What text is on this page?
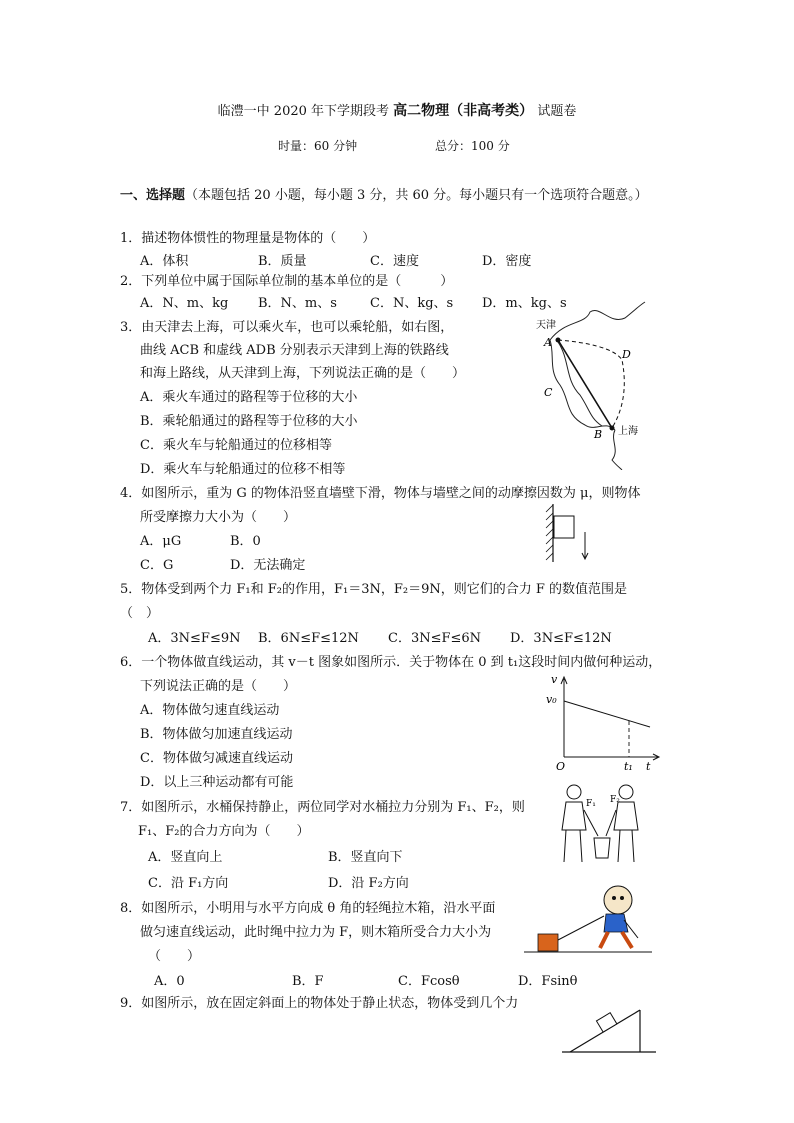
临澧一中 2020 年下学期段考 高二物理（非高考类） 试题卷
时量：60 分钟	总分：100 分
一、选择题（本题包括 20 小题，每小题 3 分，共 60 分。每小题只有一个选项符合题意。）
1．描述物体惯性的物理量是物体的（　　）
A．体积	B．质量	C．速度	D．密度
2．下列单位中属于国际单位制的基本单位的是（　　　）
A．N、m、kg B．N、m、s	C．N、kg、s D．m、kg、s
3．由天津去上海，可以乘火车，也可以乘轮船，如右图，
曲线 ACB 和虚线 ADB 分别表示天津到上海的铁路线
和海上路线，从天津到上海，下列说法正确的是（　　）
A．乘火车通过的路程等于位移的大小
B．乘轮船通过的路程等于位移的大小
C．乘火车与轮船通过的位移相等
D．乘火车与轮船通过的位移不相等
天津
A
D
C
B 上海
4．如图所示，重为 G 的物体沿竖直墙壁下滑，物体与墙壁之间的动摩擦因数为 μ，则物体
所受摩擦力大小为（　　）
A．μG	B．0
C．G	D．无法确定
5．物体受到两个力 F₁和 F₂的作用，F₁＝3N，F₂＝9N，则它们的合力 F 的数值范围是
（　）
A．3N≤F≤9N B．6N≤F≤12N C．3N≤F≤6N D．3N≤F≤12N
6．一个物体做直线运动，其 v－t 图象如图所示．关于物体在 0 到 t₁这段时间内做何种运动，
下列说法正确的是（　　）
A．物体做匀速直线运动
B．物体做匀加速直线运动
C．物体做匀减速直线运动
D．以上三种运动都有可能
v
v₀
O	t₁ t
7．如图所示，水桶保持静止，两位同学对水桶拉力分别为 F₁、F₂，则
F₁、F₂的合力方向为（　　）
A．竖直向上	B．竖直向下
C．沿 F₁方向	D．沿 F₂方向
F₁ F₂
8．如图所示，小明用与水平方向成 θ 角的轻绳拉木箱，沿水平面
做匀速直线运动，此时绳中拉力为 F，则木箱所受合力大小为
（　　）
A．0	B．F	C．Fcosθ	D．Fsinθ
9．如图所示，放在固定斜面上的物体处于静止状态，物体受到几个力
